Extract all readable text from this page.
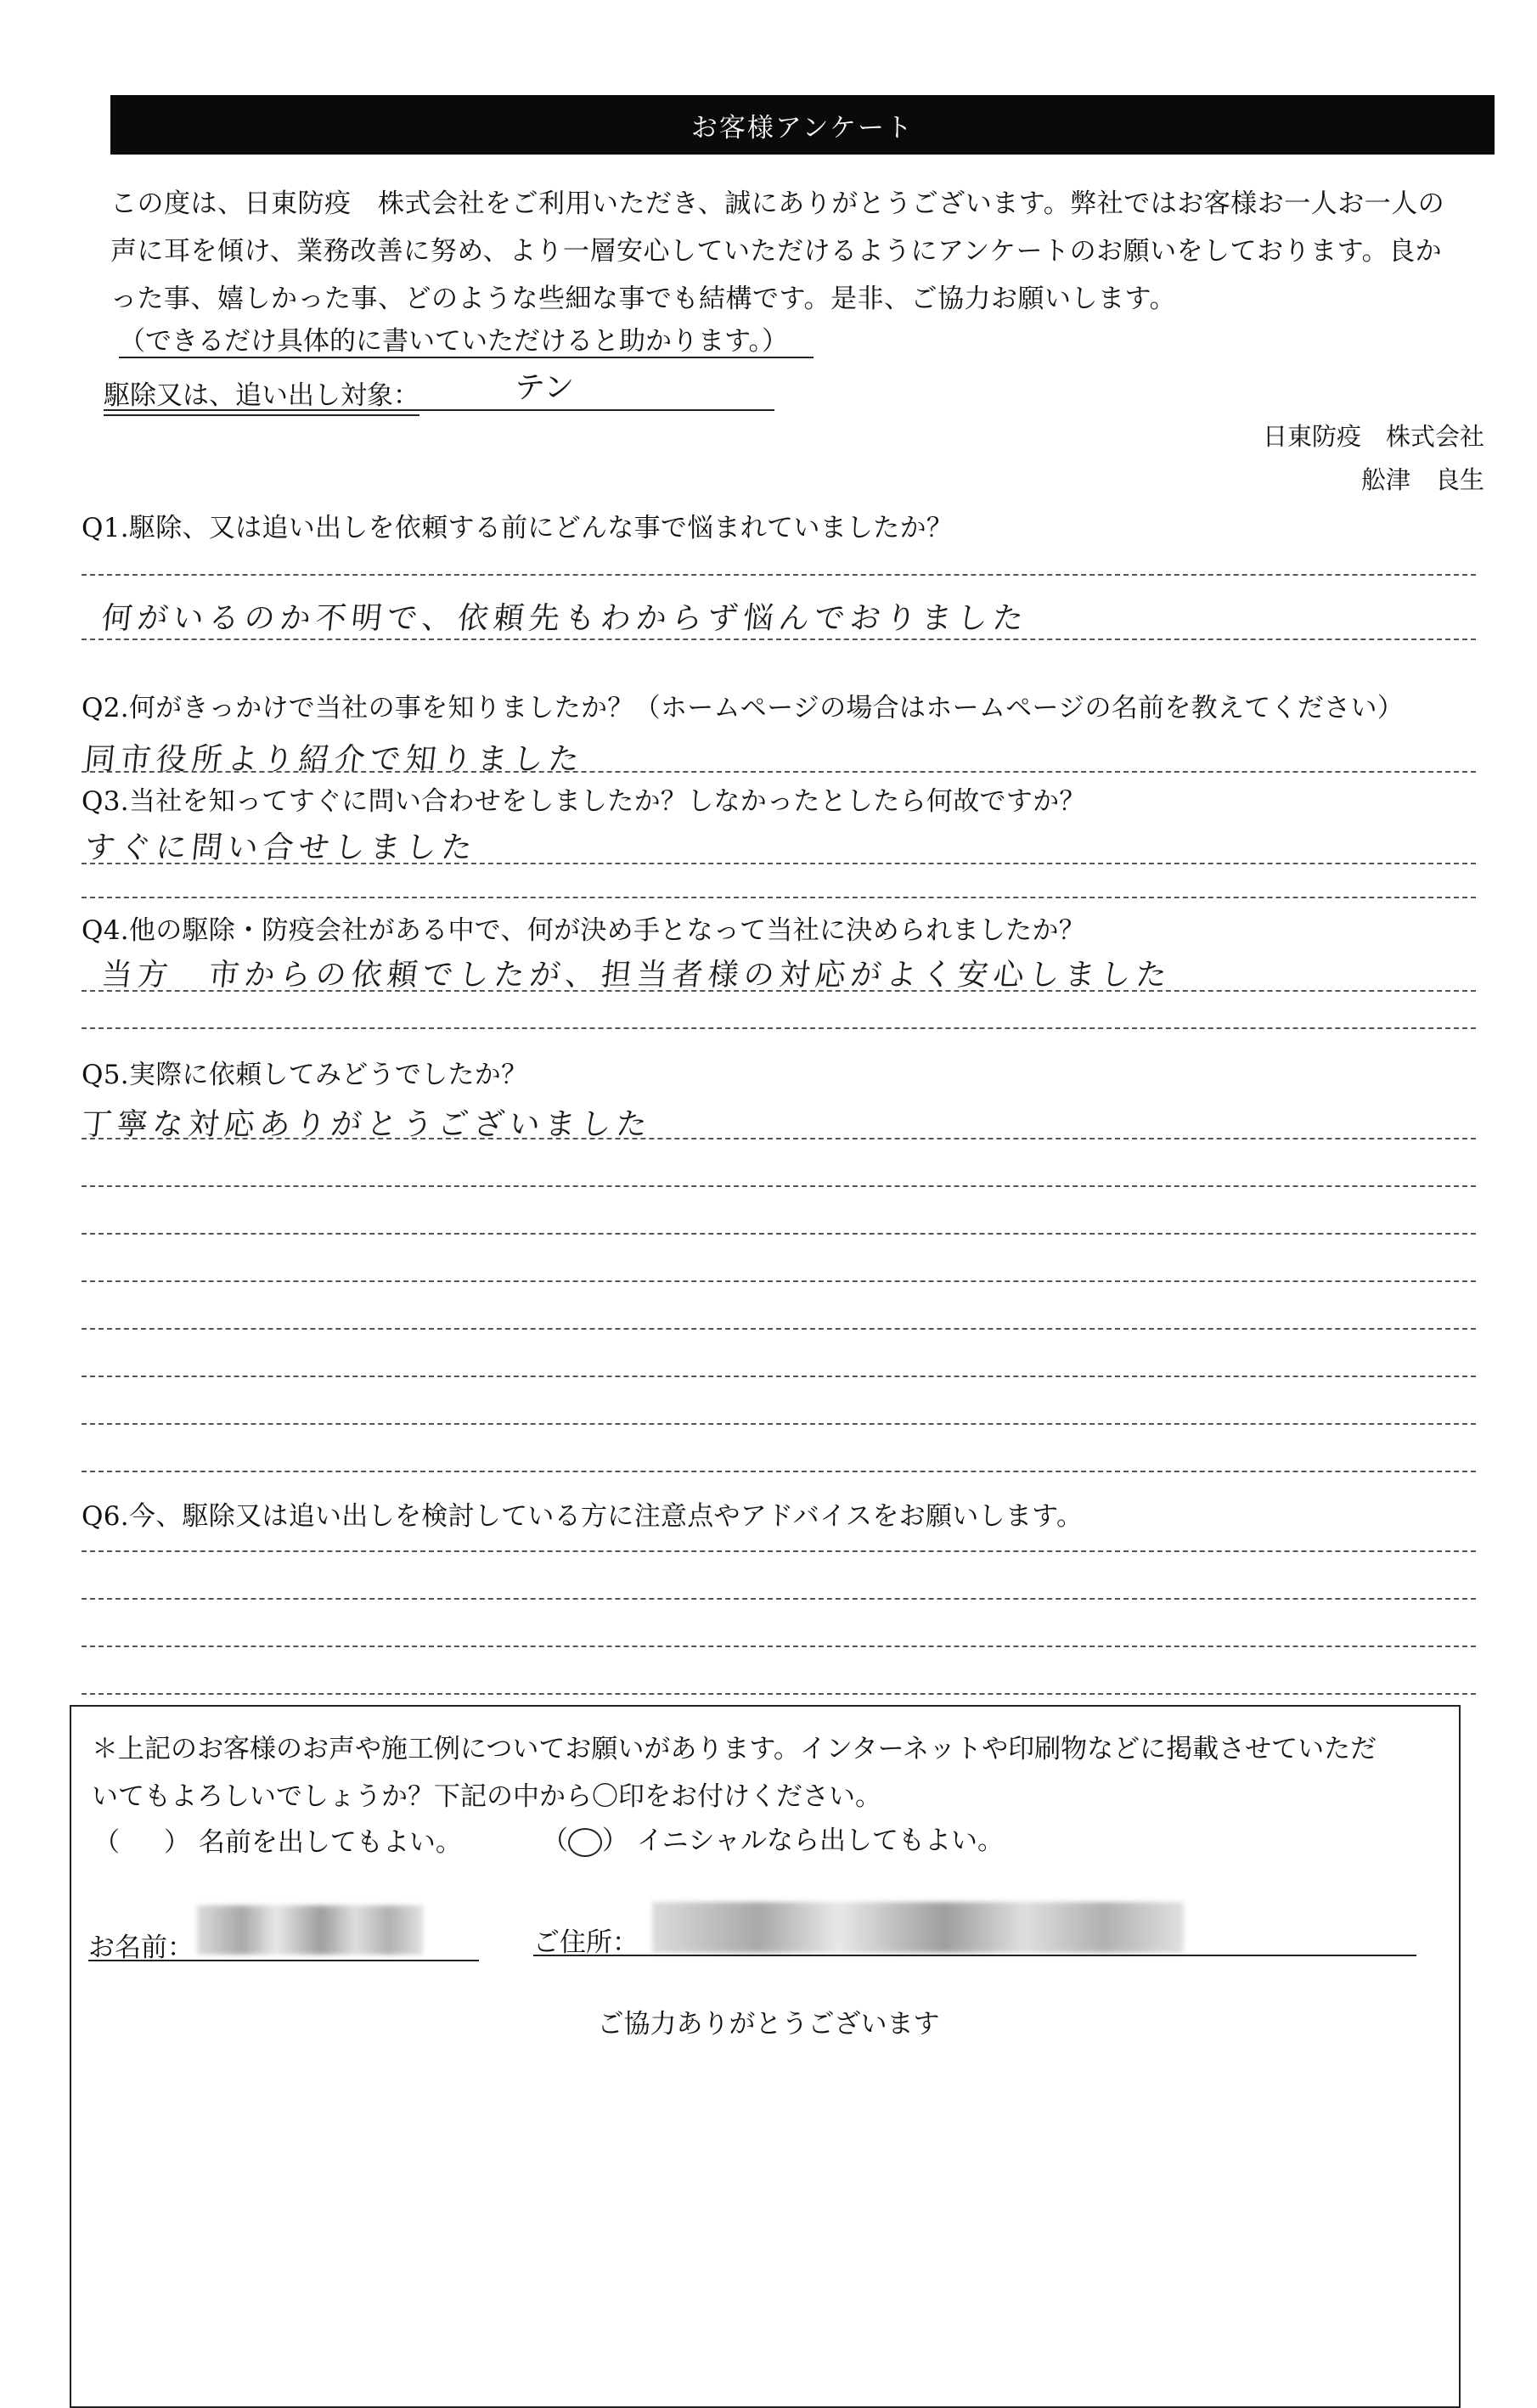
お客様アンケート
この度は、日東防疫　株式会社をご利用いただき、誠にありがとうございます。弊社ではお客様お一人お一人の
声に耳を傾け、業務改善に努め、より一層安心していただけるようにアンケートのお願いをしております。良か
った事、嬉しかった事、どのような些細な事でも結構です。是非、ご協力お願いします。
（できるだけ具体的に書いていただけると助かります。）
駆除又は、追い出し対象：	テン
日東防疫　株式会社
舩津　良生
Q1.駆除、又は追い出しを依頼する前にどんな事で悩まれていましたか？
何がいるのか不明で、依頼先もわからず悩んでおりました
Q2.何がきっかけで当社の事を知りましたか？（ホームページの場合はホームページの名前を教えてください）
同市役所より紹介で知りました
Q3.当社を知ってすぐに問い合わせをしましたか？しなかったとしたら何故ですか？
すぐに問い合せしました
Q4.他の駆除・防疫会社がある中で、何が決め手となって当社に決められましたか？
当方　市からの依頼でしたが、担当者様の対応がよく安心しました
Q5.実際に依頼してみどうでしたか？
丁寧な対応ありがとうございました
Q6.今、駆除又は追い出しを検討している方に注意点やアドバイスをお願いします。
＊上記のお客様のお声や施工例についてお願いがあります。インターネットや印刷物などに掲載させていただ
いてもよろしいでしょうか？下記の中から〇印をお付けください。
（ ） 名前を出してもよい。	（ ） イニシャルなら出してもよい。
お名前：	ご住所：
ご協力ありがとうございます
